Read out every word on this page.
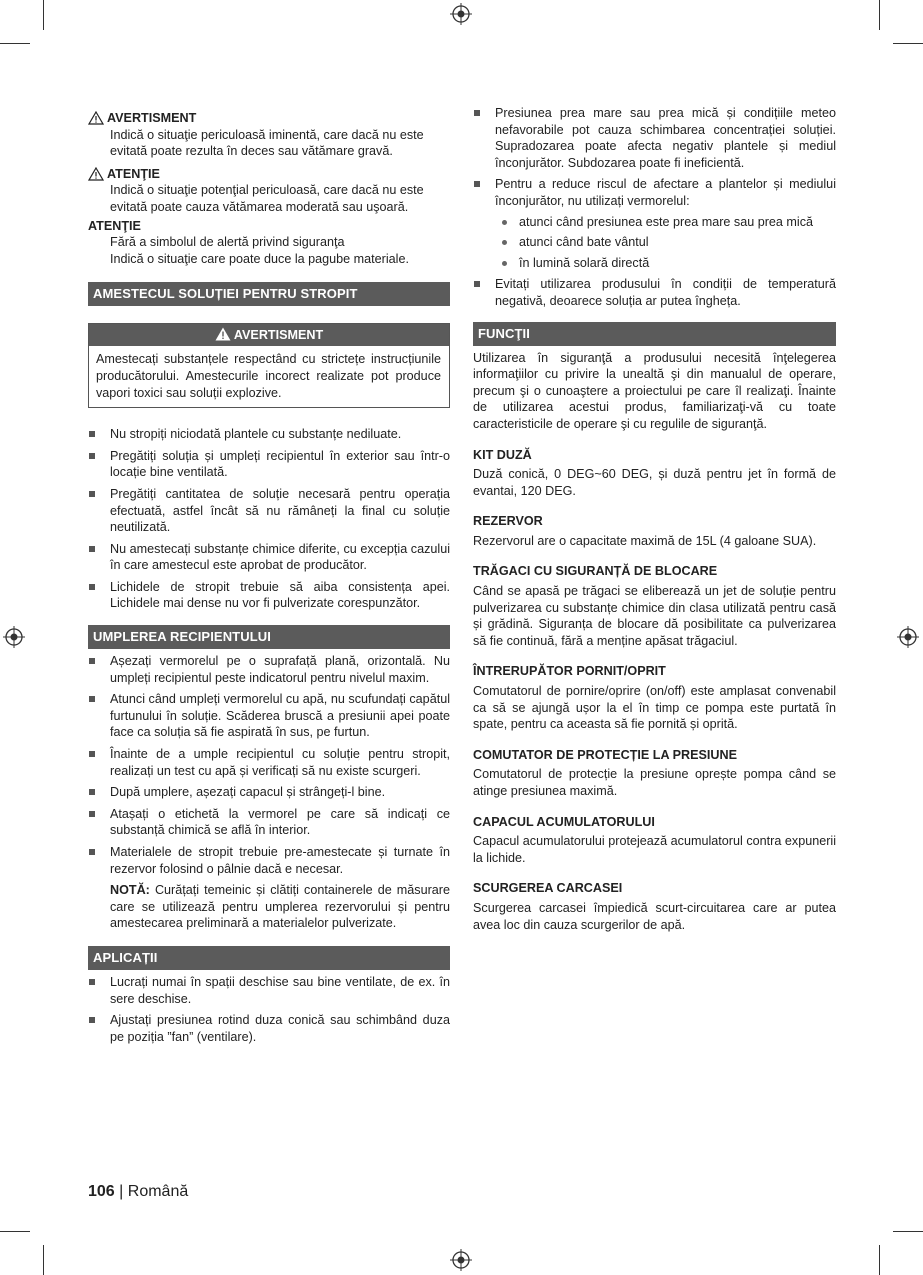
AVERTISMENT

Indică o situaţie periculoasă iminentă, care dacă nu este evitată poate rezulta în deces sau vătămare gravă.

ATENŢIE

Indică o situaţie potenţial periculoasă, care dacă nu este evitată poate cauza vătămarea moderată sau uşoară.

ATENŢIE

Fără a simbolul de alertă privind siguranţa

Indică o situaţie care poate duce la pagube materiale.

AMESTECUL SOLUȚIEI PENTRU STROPIT
AVERTISMENT
Amestecați substanțele respectând cu strictețe instrucțiunile producătorului. Amestecurile incorect realizate pot produce vapori toxici sau soluții explozive.
Nu stropiți niciodată plantele cu substanțe nediluate.
Pregătiți soluția și umpleți recipientul în exterior sau într-o locație bine ventilată.
Pregătiți cantitatea de soluție necesară pentru operația efectuată, astfel încât să nu rămâneți la final cu soluție neutilizată.
Nu amestecați substanțe chimice diferite, cu excepția cazului în care amestecul este aprobat de producător.
Lichidele de stropit trebuie să aiba consistența apei. Lichidele mai dense nu vor fi pulverizate corespunzător.
UMPLEREA RECIPIENTULUI
Așezați vermorelul pe o suprafață plană, orizontală. Nu umpleți recipientul peste indicatorul pentru nivelul maxim.
Atunci când umpleți vermorelul cu apă, nu scufundați capătul furtunului în soluție. Scăderea bruscă a presiunii apei poate face ca soluția să fie aspirată în sus, pe furtun.
Înainte de a umple recipientul cu soluție pentru stropit, realizați un test cu apă și verificați să nu existe scurgeri.
După umplere, așezați capacul și strângeți-l bine.
Atașați o etichetă la vermorel pe care să indicați ce substanță chimică se află în interior.
Materialele de stropit trebuie pre-amestecate și turnate în rezervor folosind o pâlnie dacă e necesar.

NOTĂ: Curățați temeinic și clătiți containerele de măsurare care se utilizează pentru umplerea rezervorului și pentru amestecarea preliminară a materialelor pulverizate.

APLICAȚII
Lucrați numai în spații deschise sau bine ventilate, de ex. în sere deschise.
Ajustați presiunea rotind duza conică sau schimbând duza pe poziția ”fan” (ventilare).
Presiunea prea mare sau prea mică și condițiile meteo nefavorabile pot cauza schimbarea concentrației soluției. Supradozarea poate afecta negativ plantele și mediul înconjurător. Subdozarea poate fi ineficientă.
Pentru a reduce riscul de afectare a plantelor și mediului înconjurător, nu utilizați vermorelul:
atunci când presiunea este prea mare sau prea mică
atunci când bate vântul
în lumină solară directă
Evitați utilizarea produsului în condiții de temperatură negativă, deoarece soluția ar putea îngheța.
FUNCŢII

Utilizarea în siguranţă a produsului necesită înţelegerea informaţiilor cu privire la unealtă şi din manualul de operare, precum şi o cunoaştere a proiectului pe care îl realizaţi. Înainte de utilizarea acestui produs, familiarizaţi-vă cu toate caracteristicile de operare şi cu regulile de siguranţă.

KIT DUZĂ

Duză conică, 0 DEG~60 DEG, și duză pentru jet în formă de evantai, 120 DEG.

REZERVOR

Rezervorul are o capacitate maximă de 15L (4 galoane SUA).

TRĂGACI CU SIGURANȚĂ DE BLOCARE

Când se apasă pe trăgaci se eliberează un jet de soluție pentru pulverizarea cu substanțe chimice din clasa utilizată pentru casă și grădină. Siguranța de blocare dă posibilitate ca pulverizarea să fie continuă, fără a menține apăsat trăgaciul.

ÎNTRERUPĂTOR PORNIT/OPRIT

Comutatorul de pornire/oprire (on/off) este amplasat convenabil ca să se ajungă ușor la el în timp ce pompa este purtată în spate, pentru ca aceasta să fie pornită și oprită.

COMUTATOR DE PROTECȚIE LA PRESIUNE

Comutatorul de protecție la presiune oprește pompa când se atinge presiunea maximă.

CAPACUL ACUMULATORULUI

Capacul acumulatorului protejează acumulatorul contra expunerii la lichide.

SCURGEREA CARCASEI

Scurgerea carcasei împiedică scurt-circuitarea care ar putea avea loc din cauza scurgerilor de apă.

106 | Română
